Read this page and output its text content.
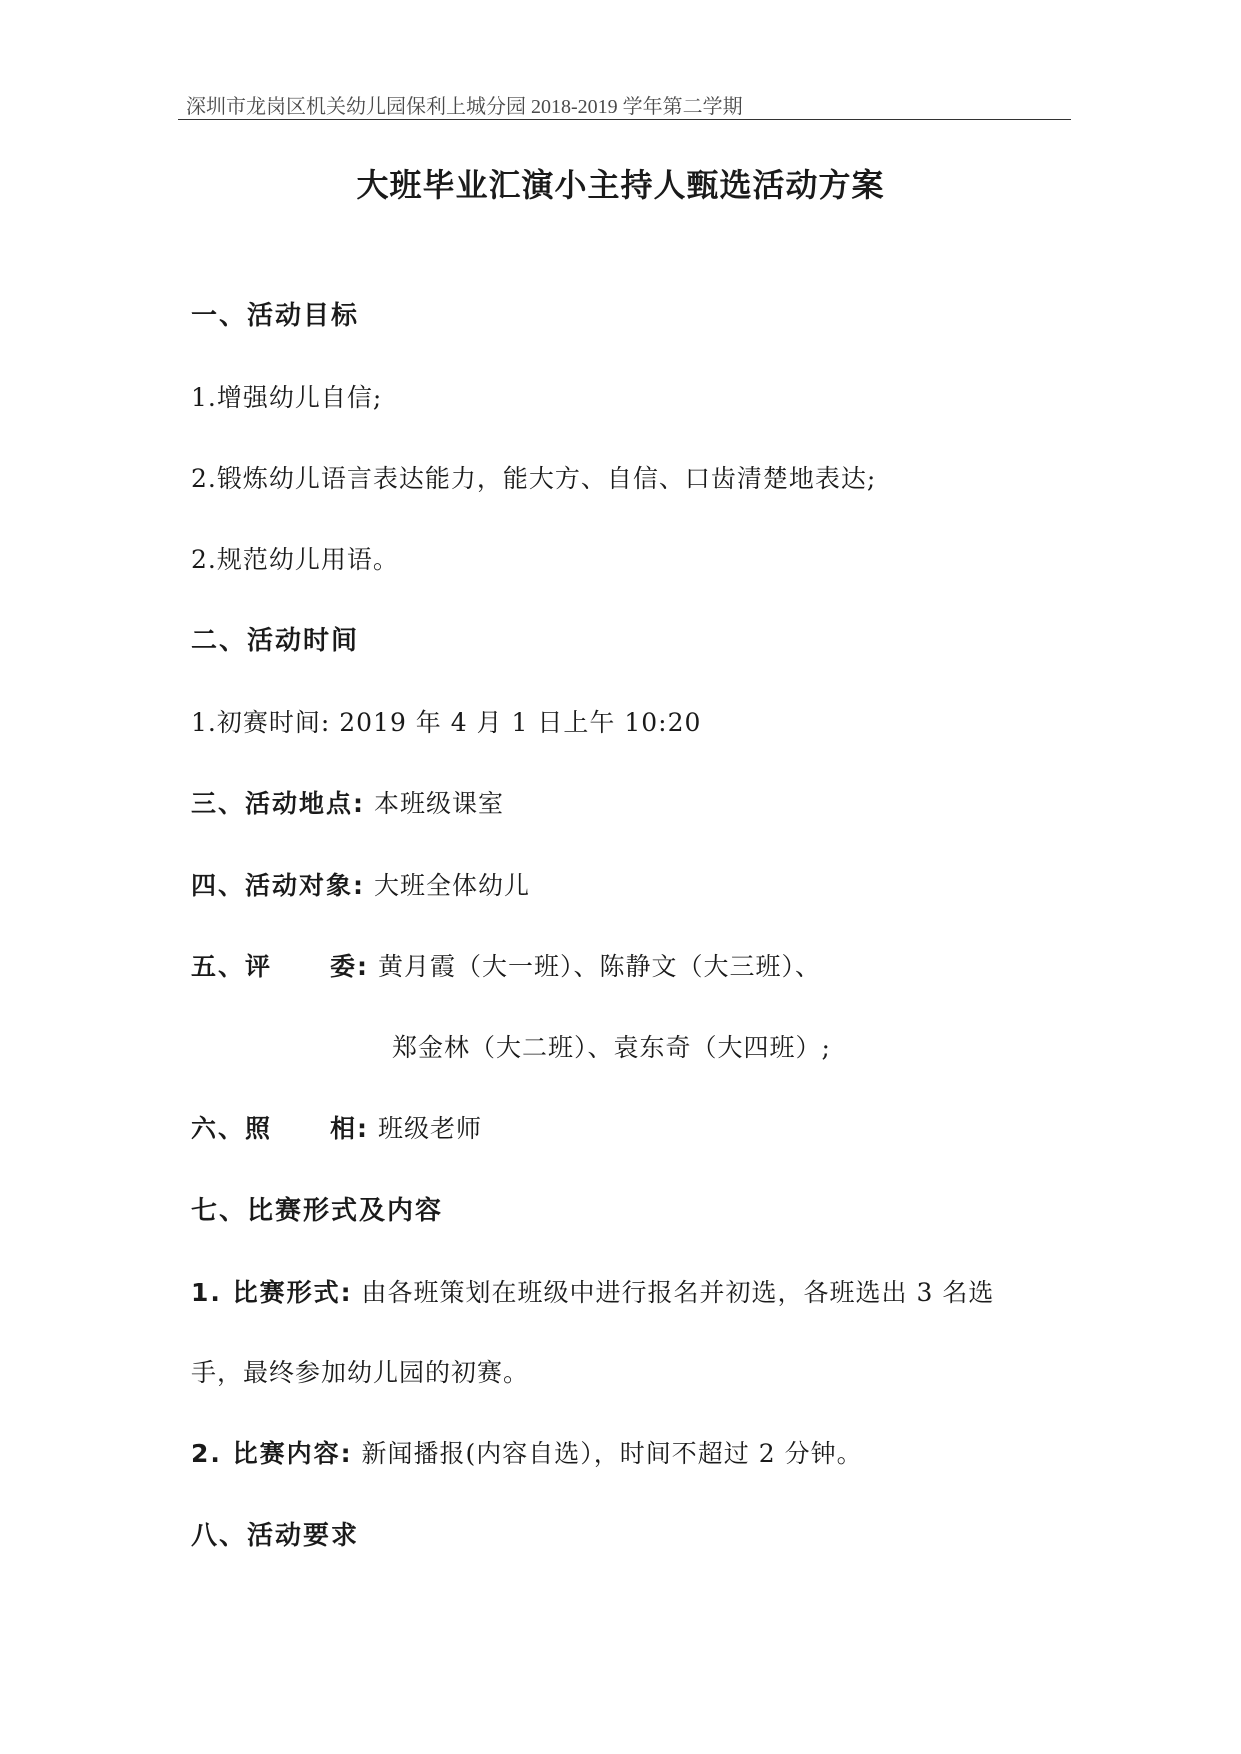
深圳市龙岗区机关幼儿园保利上城分园 2018-2019 学年第二学期
大班毕业汇演小主持人甄选活动方案
一、活动目标
1.增强幼儿自信;
2.锻炼幼儿语言表达能力，能大方、自信、口齿清楚地表达;
2.规范幼儿用语。
二、活动时间
1.初赛时间: 2019 年 4 月 1 日上午 10:20
三、活动地点: 本班级课室
四、活动对象: 大班全体幼儿
五、评 委: 黄月霞（大一班）、陈静文（大三班）、
郑金林（大二班）、袁东奇（大四班）;
六、照 相: 班级老师
七、比赛形式及内容
1. 比赛形式: 由各班策划在班级中进行报名并初选，各班选出 3 名选
手，最终参加幼儿园的初赛。
2. 比赛内容: 新闻播报(内容自选），时间不超过 2 分钟。
八、活动要求
